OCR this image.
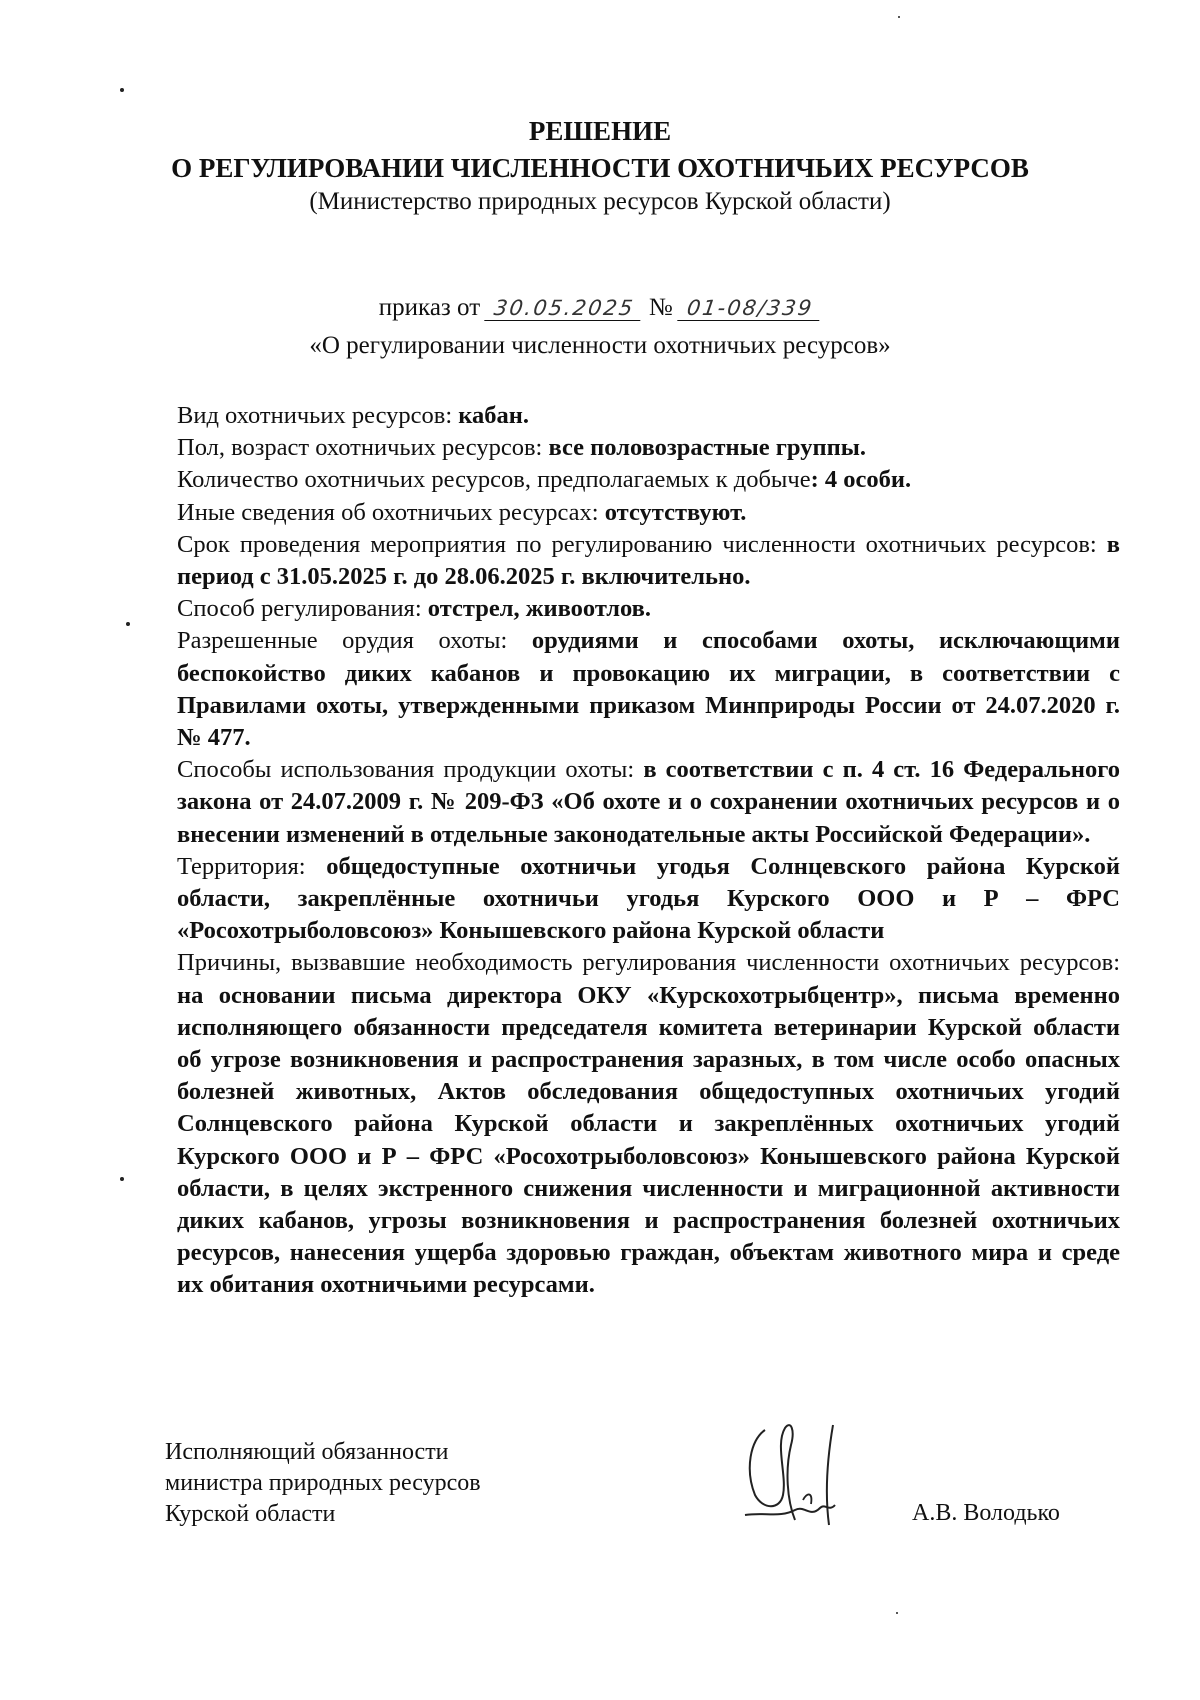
РЕШЕНИЕ
О РЕГУЛИРОВАНИИ ЧИСЛЕННОСТИ ОХОТНИЧЬИХ РЕСУРСОВ
(Министерство природных ресурсов Курской области)
приказ от 30.05.2025 № 01-08/339
«О регулировании численности охотничьих ресурсов»

Вид охотничьих ресурсов: кабан.

Пол, возраст охотничьих ресурсов: все половозрастные группы.

Количество охотничьих ресурсов, предполагаемых к добыче: 4 особи.

Иные сведения об охотничьих ресурсах: отсутствуют.

Срок проведения мероприятия по регулированию численности охотничьих ресурсов: в период с 31.05.2025 г. до 28.06.2025 г. включительно.

Способ регулирования: отстрел, живоотлов.

Разрешенные орудия охоты: орудиями и способами охоты, исключающими беспокойство диких кабанов и провокацию их миграции, в соответствии с Правилами охоты, утвержденными приказом Минприроды России от 24.07.2020 г. № 477.

Способы использования продукции охоты: в соответствии с п. 4 ст. 16 Федерального закона от 24.07.2009 г. № 209-ФЗ «Об охоте и о сохранении охотничьих ресурсов и о внесении изменений в отдельные законодательные акты Российской Федерации».

Территория: общедоступные охотничьи угодья Солнцевского района Курской области, закреплённые охотничьи угодья Курского ООО и Р – ФРС «Росохотрыболовсоюз» Конышевского района Курской области

Причины, вызвавшие необходимость регулирования численности охотничьих ресурсов: на основании письма директора ОКУ «Курскохотрыбцентр», письма временно исполняющего обязанности председателя комитета ветеринарии Курской области об угрозе возникновения и распространения заразных, в том числе особо опасных болезней животных, Актов обследования общедоступных охотничьих угодий Солнцевского района Курской области и закреплённых охотничьих угодий Курского ООО и Р – ФРС «Росохотрыболовсоюз» Конышевского района Курской области, в целях экстренного снижения численности и миграционной активности диких кабанов, угрозы возникновения и распространения болезней охотничьих ресурсов, нанесения ущерба здоровью граждан, объектам животного мира и среде их обитания охотничьими ресурсами.

Исполняющий обязанности
министра природных ресурсов
Курской области	А.В. Володько
